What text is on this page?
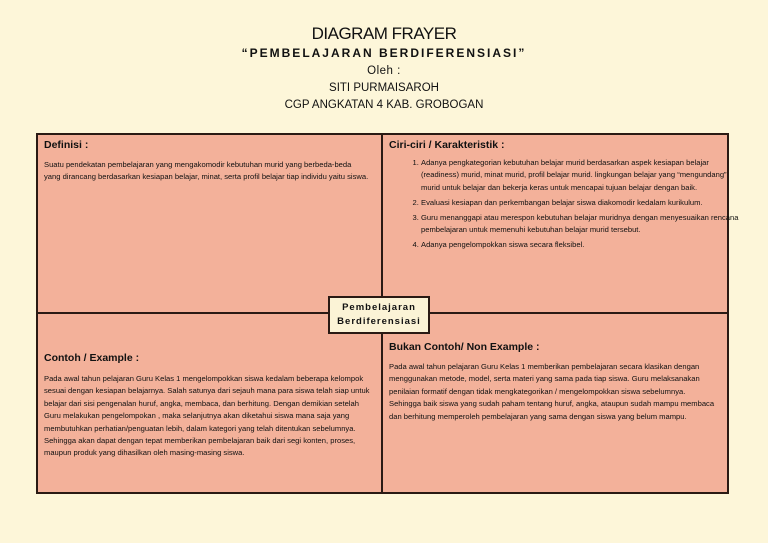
DIAGRAM FRAYER
“PEMBELAJARAN BERDIFERENSIASI”
Oleh :
SITI PURMAISAROH
CGP ANGKATAN 4 KAB. GROBOGAN
Definisi :
Suatu pendekatan pembelajaran yang mengakomodir kebutuhan murid yang berbeda-beda yang dirancang berdasarkan kesiapan belajar, minat, serta profil belajar tiap individu yaitu siswa.
Ciri-ciri / Karakteristik :
1. Adanya pengkategorian kebutuhan belajar murid berdasarkan aspek kesiapan belajar (readiness) murid, minat murid, profil belajar murid. lingkungan belajar yang “mengundang” murid untuk belajar dan bekerja keras untuk mencapai tujuan belajar dengan baik.
2. Evaluasi kesiapan dan perkembangan belajar siswa diakomodir kedalam kurikulum.
3. Guru menanggapi atau merespon kebutuhan belajar muridnya dengan menyesuaikan rencana pembelajaran untuk memenuhi kebutuhan belajar murid tersebut.
4. Adanya pengelompokkan siswa secara fleksibel.
Contoh / Example :
Pada awal tahun pelajaran Guru Kelas 1 mengelompokkan siswa kedalam beberapa kelompok sesuai dengan kesiapan belajarnya. Salah satunya dari sejauh mana para siswa telah siap untuk belajar dari sisi pengenalan huruf, angka, membaca, dan berhitung. Dengan demikian setelah Guru melakukan pengelompokan , maka selanjutnya akan diketahui siswa mana saja yang membutuhkan perhatian/penguatan lebih, dalam kategori yang telah ditentukan sebelumnya. Sehingga akan dapat dengan tepat memberikan pembelajaran baik dari segi konten, proses, maupun produk yang dihasilkan oleh masing-masing siswa.
Bukan Contoh/ Non Example :
Pada awal tahun pelajaran Guru Kelas 1 memberikan pembelajaran secara klasikan dengan menggunakan metode, model, serta materi yang sama pada tiap siswa. Guru melaksanakan penilaian formatif dengan tidak mengkategorikan / mengelompokkan siswa sebelumnya. Sehingga baik siswa yang sudah paham tentang huruf, angka, ataupun sudah mampu membaca dan berhitung memperoleh pembelajaran yang sama dengan siswa yang belum mampu.
Pembelajaran
Berdiferensiasi
